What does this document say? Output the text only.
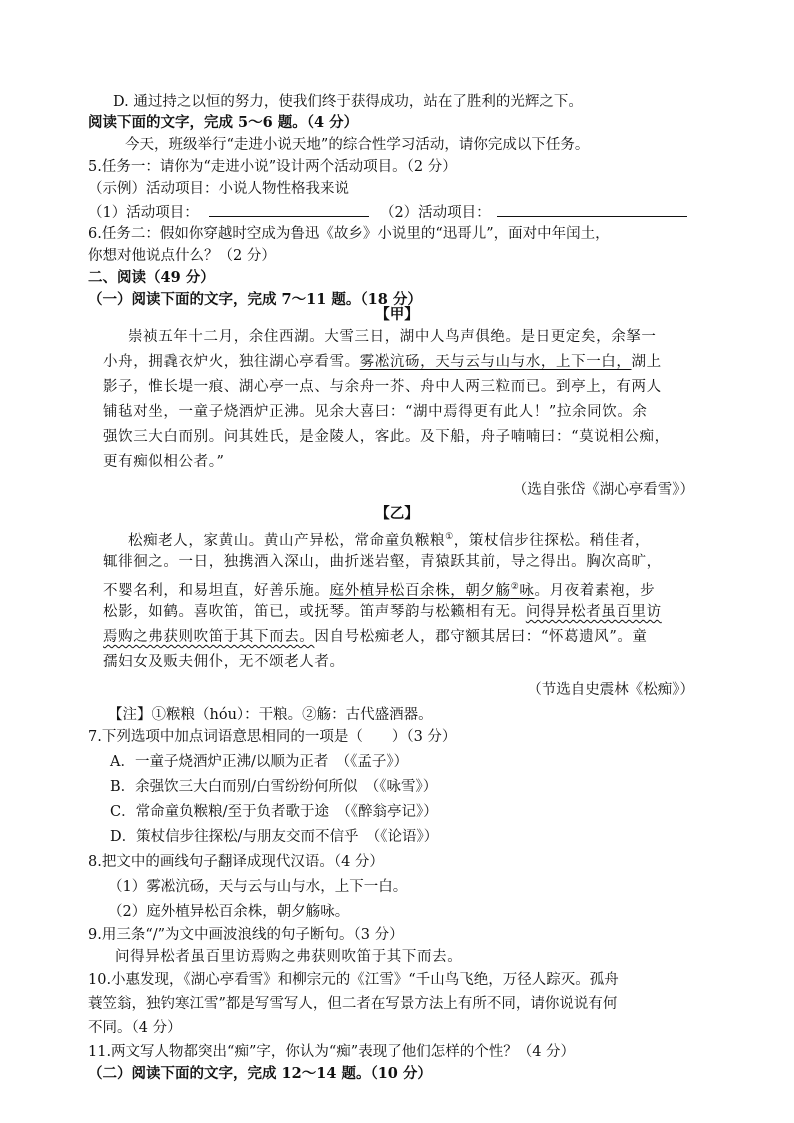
D. 通过持之以恒的努力，使我们终于获得成功，站在了胜利的光辉之下。
阅读下面的文字，完成 5～6 题。（4 分）
今天，班级举行“走进小说天地”的综合性学习活动，请你完成以下任务。
5.任务一：请你为“走进小说”设计两个活动项目。（2 分）
（示例）活动项目：小说人物性格我来说
（1）活动项目：	（2）活动项目：
6.任务二：假如你穿越时空成为鲁迅《故乡》小说里的“迅哥儿”，面对中年闰土，
你想对他说点什么？（2 分）
二、阅读（49 分）
（一）阅读下面的文字，完成 7～11 题。（18 分）
【甲】
崇祯五年十二月，余住西湖。大雪三日，湖中人鸟声俱绝。是日更定矣，余拏一
小舟，拥毳衣炉火，独往湖心亭看雪。雾凇沆砀，天与云与山与水，上下一白，湖上
影子，惟长堤一痕、湖心亭一点、与余舟一芥、舟中人两三粒而已。到亭上，有两人
铺毡对坐，一童子烧酒炉正沸。见余大喜曰：“湖中焉得更有此人！”拉余同饮。余
强饮三大白而别。问其姓氏，是金陵人，客此。及下船，舟子喃喃曰：“莫说相公痴，
更有痴似相公者。”
（选自张岱《湖心亭看雪》）
【乙】
松痴老人，家黄山。黄山产异松，常命童负糇粮①，策杖信步往探松。稍佳者，
辄徘徊之。一日，独携酒入深山，曲折迷岩壑，青猿跃其前，导之得出。胸次高旷，
不婴名利，和易坦直，好善乐施。庭外植异松百余株，朝夕觞②咏。月夜着素袍，步
松影，如鹤。喜吹笛，笛已，或抚琴。笛声琴韵与松籁相有无。问得异松者虽百里访
焉购之弗获则吹笛于其下而去。因自号松痴老人，郡守额其居曰：“怀葛遗风”。童
孺妇女及贩夫佣仆，无不颂老人者。
（节选自史震林《松痴》）
【注】①糇粮（hóu）：干粮。②觞：古代盛酒器。
7.下列选项中加点词语意思相同的一项是（　　）（3 分）
A．一童子烧酒炉正沸/以顺为正者　（《孟子》）
B．余强饮三大白而别/白雪纷纷何所似　（《咏雪》）
C．常命童负糇粮/至于负者歌于途　（《醉翁亭记》）
D．策杖信步往探松/与朋友交而不信乎　（《论语》）
8.把文中的画线句子翻译成现代汉语。（4 分）
（1）雾凇沆砀，天与云与山与水，上下一白。
（2）庭外植异松百余株，朝夕觞咏。
9.用三条“/”为文中画波浪线的句子断句。（3 分）
问得异松者虽百里访焉购之弗获则吹笛于其下而去。
10.小惠发现，《湖心亭看雪》和柳宗元的《江雪》“千山鸟飞绝，万径人踪灭。孤舟
蓑笠翁，独钓寒江雪”都是写雪写人，但二者在写景方法上有所不同，请你说说有何
不同。（4 分）
11.两文写人物都突出“痴”字，你认为“痴”表现了他们怎样的个性？（4 分）
（二）阅读下面的文字，完成 12～14 题。（10 分）
